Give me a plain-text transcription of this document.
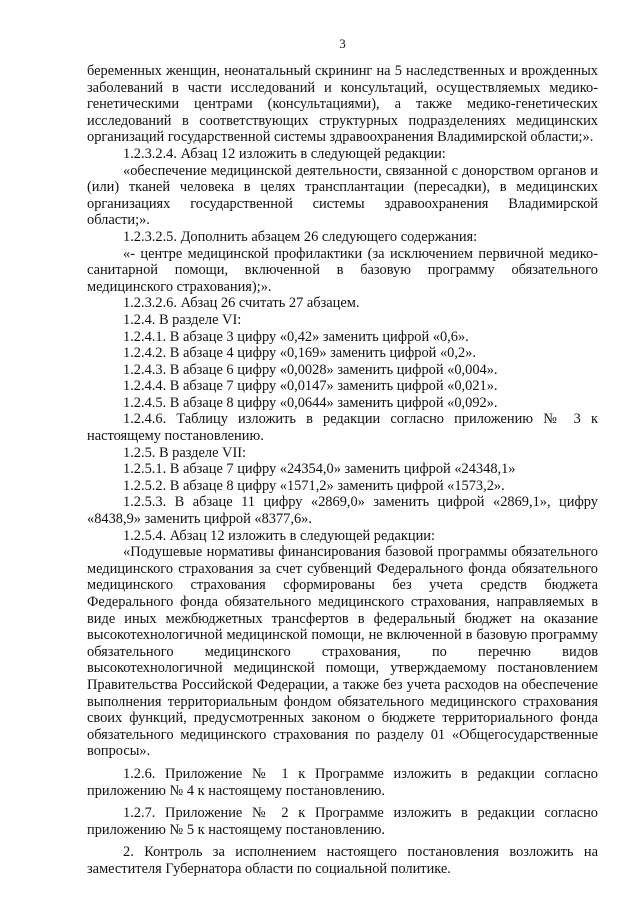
3

беременных женщин, неонатальный скрининг на 5 наследственных и врожденных заболеваний в части исследований и консультаций, осуществляемых медико-генетическими центрами (консультациями), а также медико-генетических исследований в соответствующих структурных подразделениях медицинских организаций государственной системы здравоохранения Владимирской области;».

1.2.3.2.4. Абзац 12 изложить в следующей редакции:

«обеспечение медицинской деятельности, связанной с донорством органов и (или) тканей человека в целях трансплантации (пересадки), в медицинских организациях государственной системы здравоохранения Владимирской области;».

1.2.3.2.5. Дополнить абзацем 26 следующего содержания:

«- центре медицинской профилактики (за исключением первичной медико-санитарной помощи, включенной в базовую программу обязательного медицинского страхования);».

1.2.3.2.6. Абзац 26 считать 27 абзацем.

1.2.4. В разделе VI:

1.2.4.1. В абзаце 3 цифру «0,42» заменить цифрой «0,6».

1.2.4.2. В абзаце 4 цифру «0,169» заменить цифрой «0,2».

1.2.4.3. В абзаце 6 цифру «0,0028» заменить цифрой «0,004».

1.2.4.4. В абзаце 7 цифру «0,0147» заменить цифрой «0,021».

1.2.4.5. В абзаце 8 цифру «0,0644» заменить цифрой «0,092».

1.2.4.6. Таблицу изложить в редакции согласно приложению № 3 к настоящему постановлению.

1.2.5. В разделе VII:

1.2.5.1. В абзаце 7 цифру «24354,0» заменить цифрой «24348,1»

1.2.5.2. В абзаце 8 цифру «1571,2» заменить цифрой «1573,2».

1.2.5.3. В абзаце 11 цифру «2869,0» заменить цифрой «2869,1», цифру «8438,9» заменить цифрой «8377,6».

1.2.5.4. Абзац 12 изложить в следующей редакции:

«Подушевые нормативы финансирования базовой программы обязательного медицинского страхования за счет субвенций Федерального фонда обязательного медицинского страхования сформированы без учета средств бюджета Федерального фонда обязательного медицинского страхования, направляемых в виде иных межбюджетных трансфертов в федеральный бюджет на оказание высокотехнологичной медицинской помощи, не включенной в базовую программу обязательного медицинского страхования, по перечню видов высокотехнологичной медицинской помощи, утверждаемому постановлением Правительства Российской Федерации, а также без учета расходов на обеспечение выполнения территориальным фондом обязательного медицинского страхования своих функций, предусмотренных законом о бюджете территориального фонда обязательного медицинского страхования по разделу 01 «Общегосударственные вопросы».

1.2.6. Приложение № 1 к Программе изложить в редакции согласно приложению № 4 к настоящему постановлению.

1.2.7. Приложение № 2 к Программе изложить в редакции согласно приложению № 5 к настоящему постановлению.

2. Контроль за исполнением настоящего постановления возложить на заместителя Губернатора области по социальной политике.
